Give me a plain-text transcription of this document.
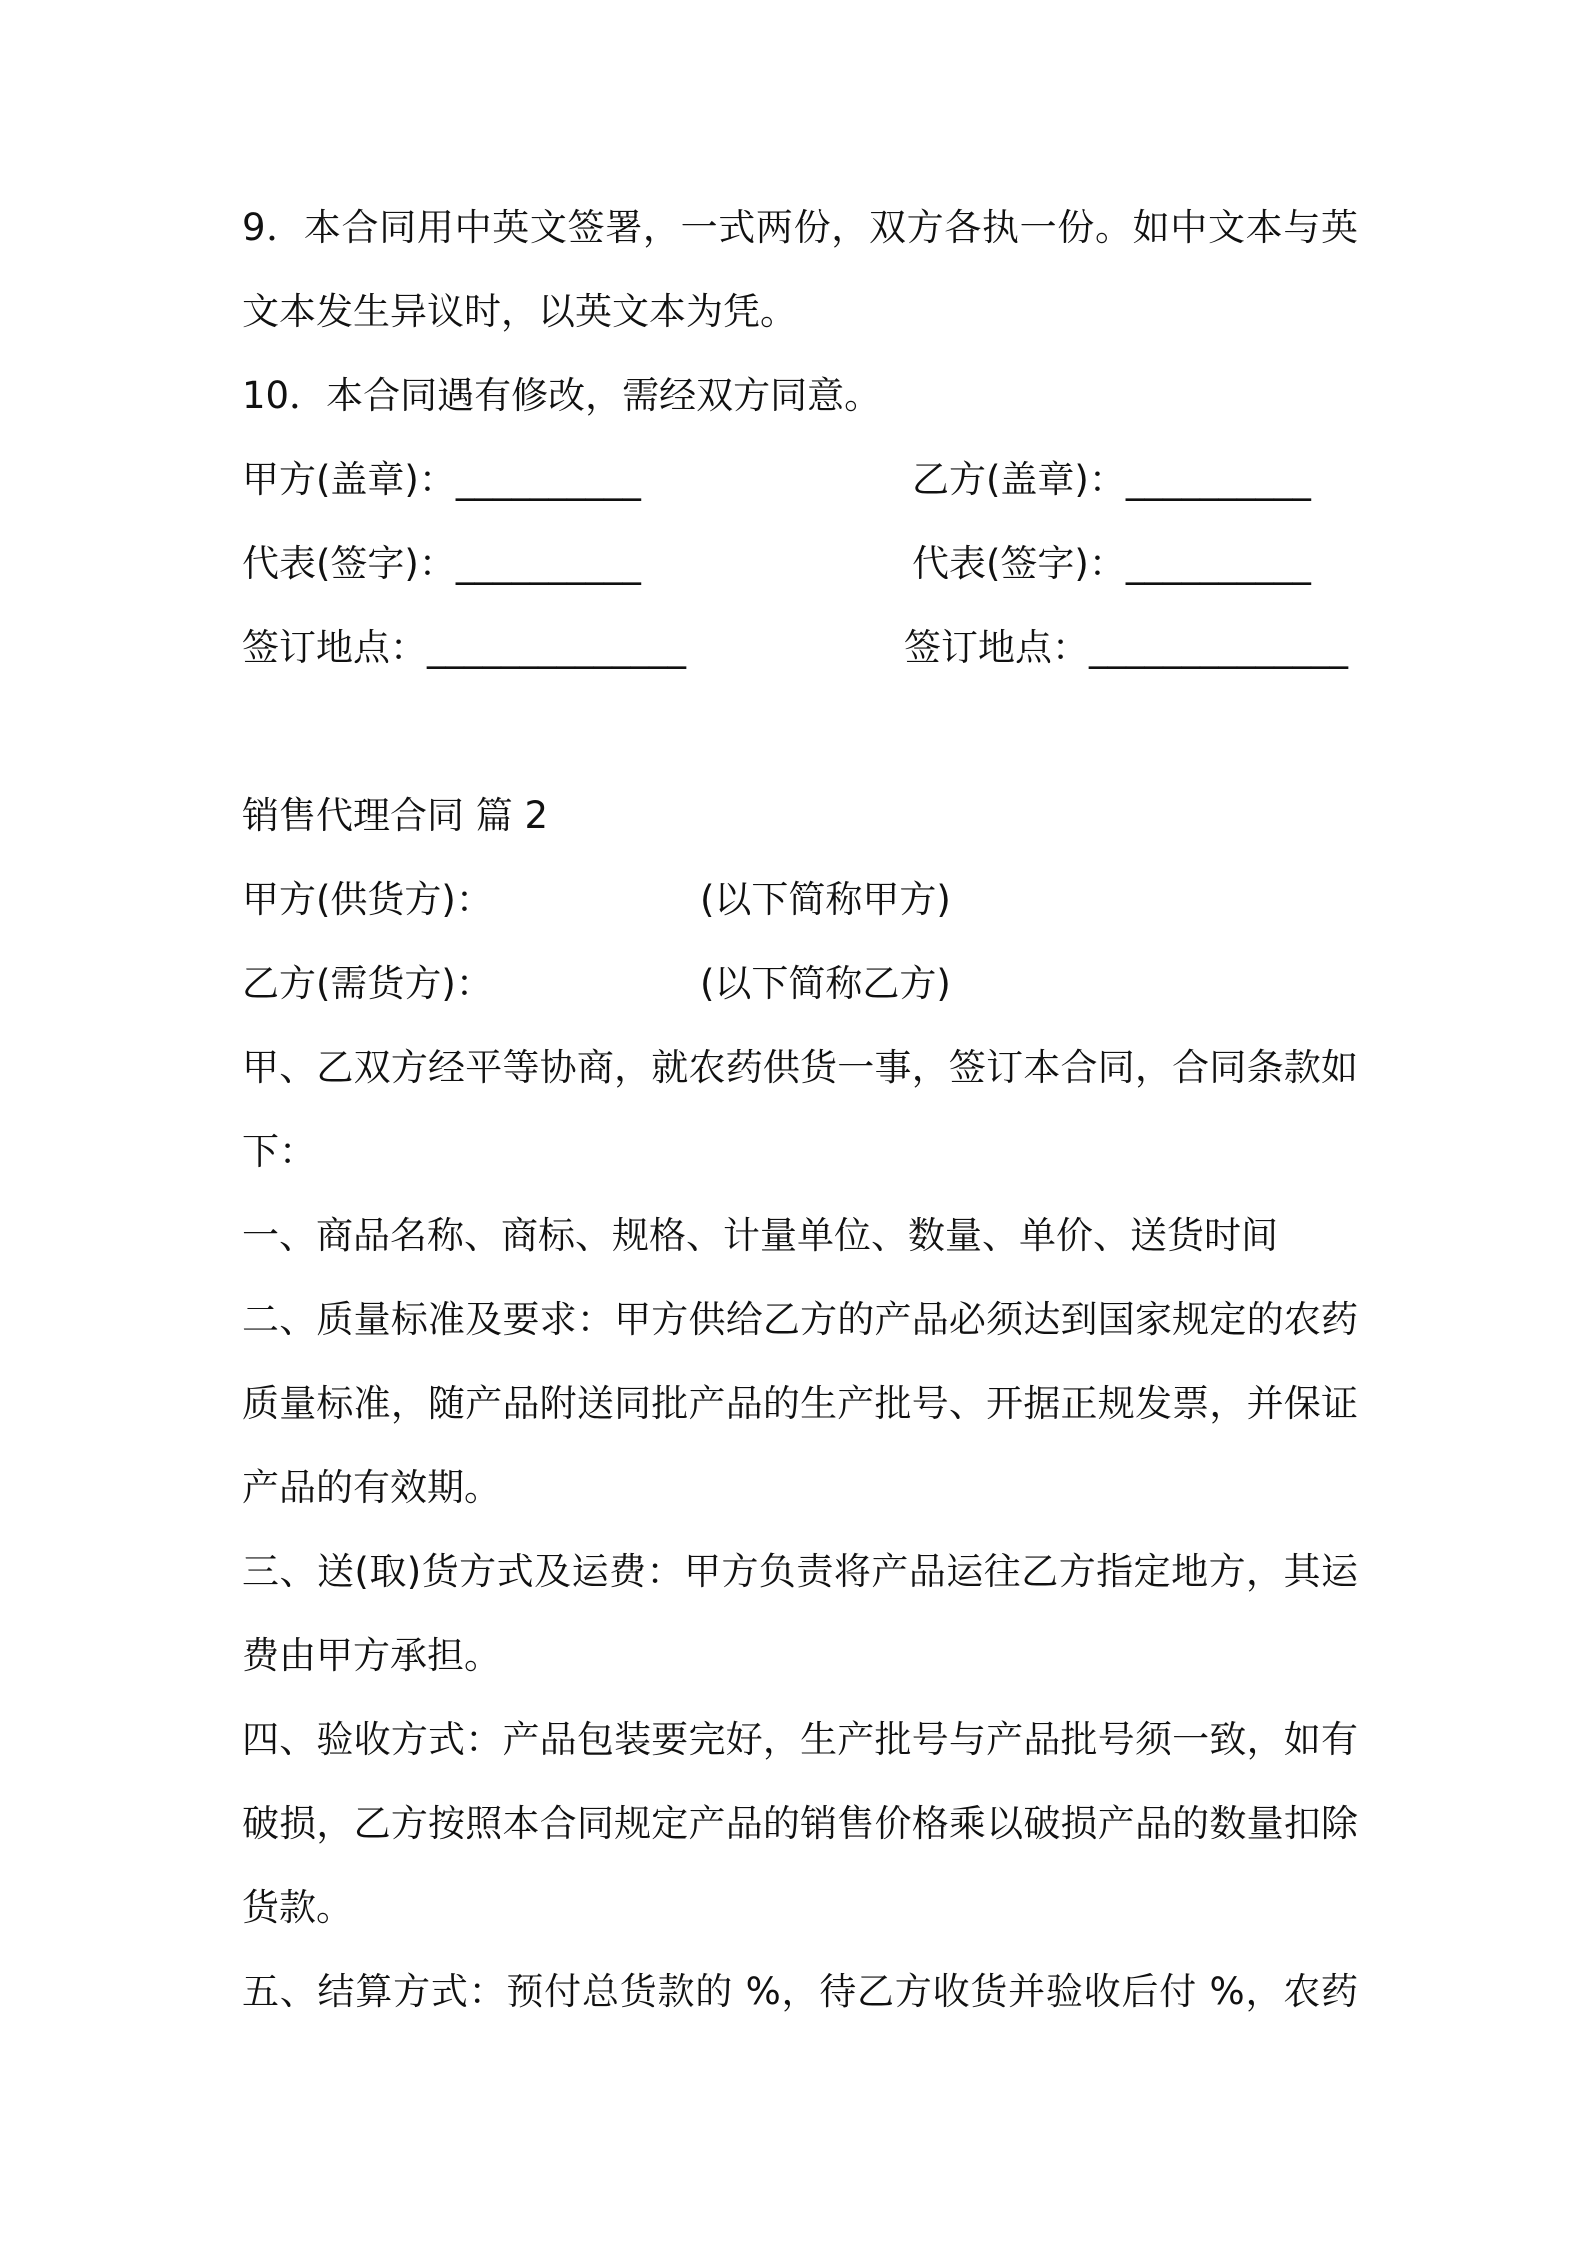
9．本合同用中英文签署，一式两份，双方各执一份。如中文本与英
文本发生异议时，以英文本为凭。
10．本合同遇有修改，需经双方同意。
甲方(盖章)：__________	乙方(盖章)：__________
代表(签字)：__________	代表(签字)：__________
签订地点：______________	签订地点：______________
销售代理合同 篇 2
甲方(供货方)：	(以下简称甲方)
乙方(需货方)：	(以下简称乙方)
甲、乙双方经平等协商，就农药供货一事，签订本合同，合同条款如
下：
一、商品名称、商标、规格、计量单位、数量、单价、送货时间
二、质量标准及要求：甲方供给乙方的产品必须达到国家规定的农药
质量标准，随产品附送同批产品的生产批号、开据正规发票，并保证
产品的有效期。
三、送(取)货方式及运费：甲方负责将产品运往乙方指定地方，其运
费由甲方承担。
四、验收方式：产品包装要完好，生产批号与产品批号须一致，如有
破损，乙方按照本合同规定产品的销售价格乘以破损产品的数量扣除
货款。
五、结算方式：预付总货款的 %，待乙方收货并验收后付 %，农药
